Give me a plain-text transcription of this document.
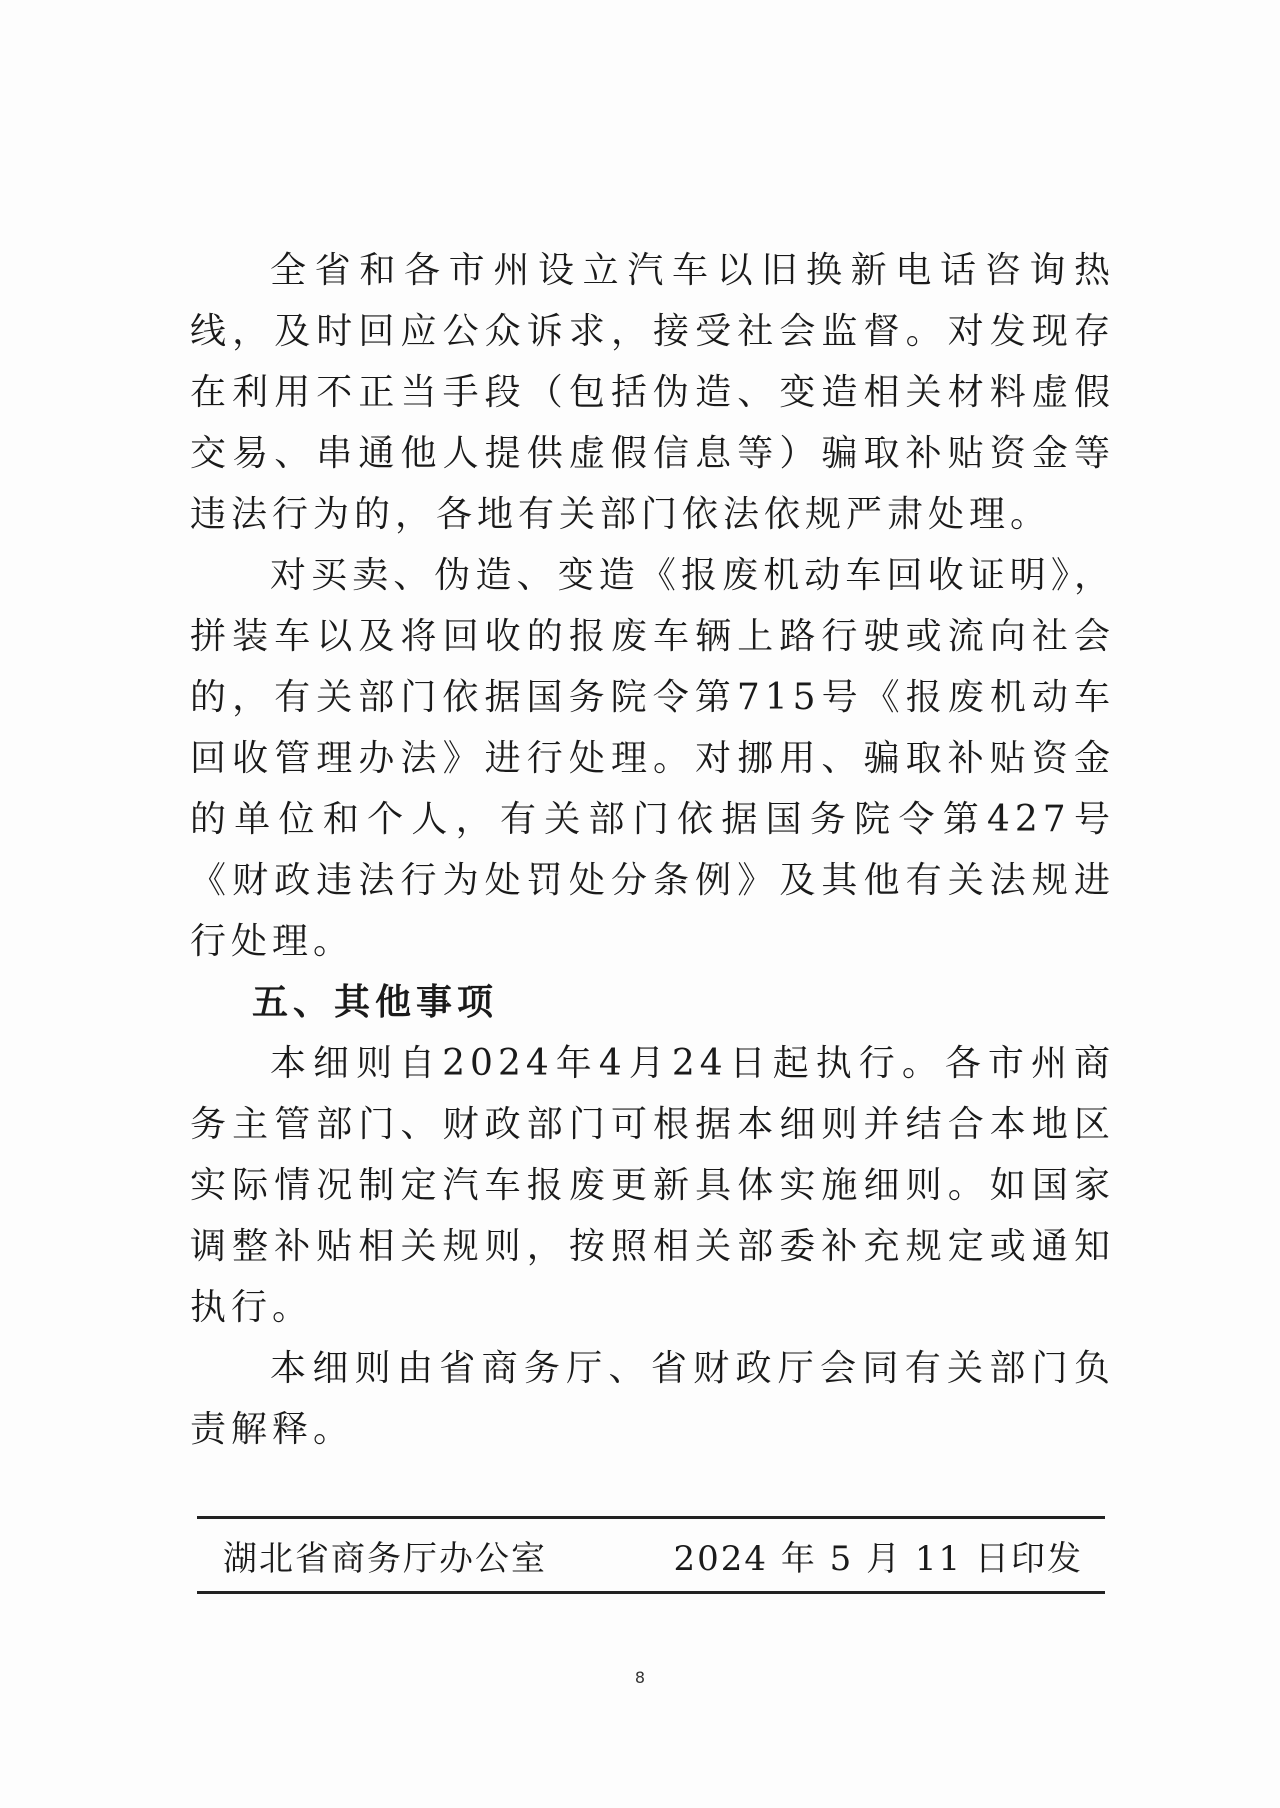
全省和各市州设立汽车以旧换新电话咨询热线，及时回应公众诉求，接受社会监督。对发现存在利用不正当手段（包括伪造、变造相关材料虚假交易、串通他人提供虚假信息等）骗取补贴资金等违法行为的，各地有关部门依法依规严肃处理。

对买卖、伪造、变造《报废机动车回收证明》，拼装车以及将回收的报废车辆上路行驶或流向社会的，有关部门依据国务院令第715号《报废机动车回收管理办法》进行处理。对挪用、骗取补贴资金的单位和个人，有关部门依据国务院令第427号《财政违法行为处罚处分条例》及其他有关法规进行处理。

五、其他事项

本细则自2024年4月24日起执行。各市州商务主管部门、财政部门可根据本细则并结合本地区实际情况制定汽车报废更新具体实施细则。如国家调整补贴相关规则，按照相关部委补充规定或通知执行。

本细则由省商务厅、省财政厅会同有关部门负责解释。

湖北省商务厅办公室	2024 年 5 月 11 日印发
8
